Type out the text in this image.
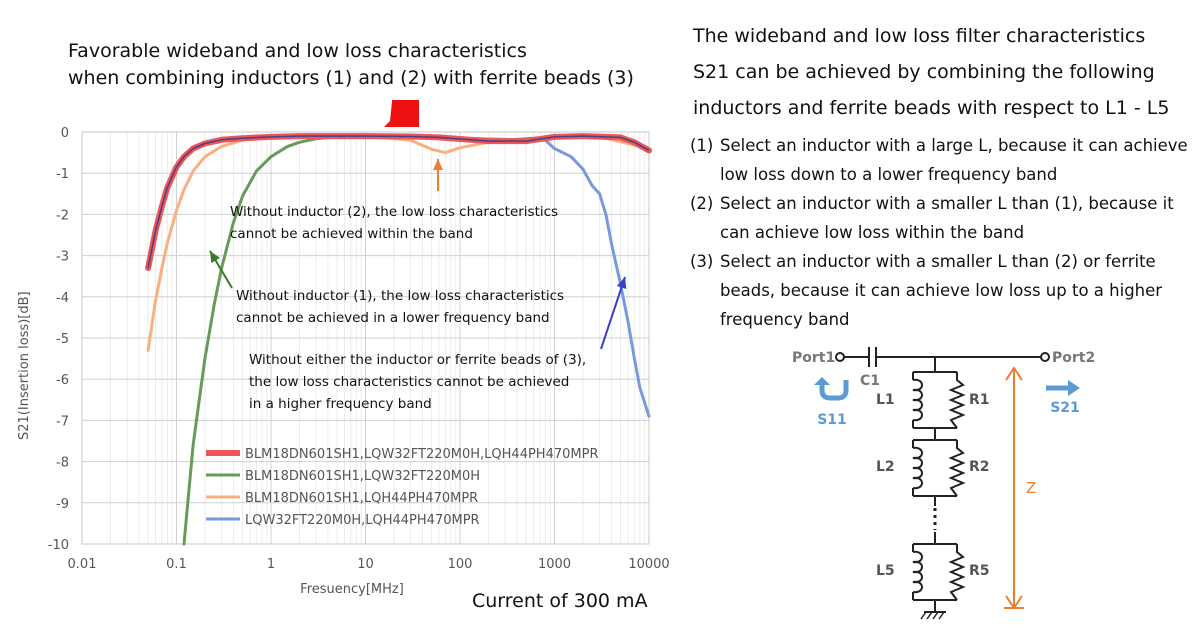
Favorable wideband and low loss characteristics
when combining inductors (1) and (2) with ferrite beads (3)
0
-1
-2
-3
-4
-5
-6
-7
-8
-9
-10
0.01	0.1	1	10	100	1000	10000
S21(Insertion loss)[dB]
Fresuency[MHz]
BLM18DN601SH1,LQW32FT220M0H,LQH44PH470MPR
BLM18DN601SH1,LQW32FT220M0H
BLM18DN601SH1,LQH44PH470MPR
LQW32FT220M0H,LQH44PH470MPR
Without inductor (2), the low loss characteristics
cannot be achieved within the band
Without inductor (1), the low loss characteristics
cannot be achieved in a lower frequency band
Without either the inductor or ferrite beads of (3),
the low loss characteristics cannot be achieved
in a higher frequency band
Current of 300 mA
The wideband and low loss filter characteristics
S21 can be achieved by combining the following
inductors and ferrite beads with respect to L1 - L5
(1) Select an inductor with a large L, because it can achieve low loss down to a lower frequency band
(2) Select an inductor with a smaller L than (1), because it can achieve low loss within the band
(3) Select an inductor with a smaller L than (2) or ferrite beads, because it can achieve low loss up to a higher frequency band
Port1	Port2
C1
S11
S21
Z
L1	R1
L2	R2
L5	R5
